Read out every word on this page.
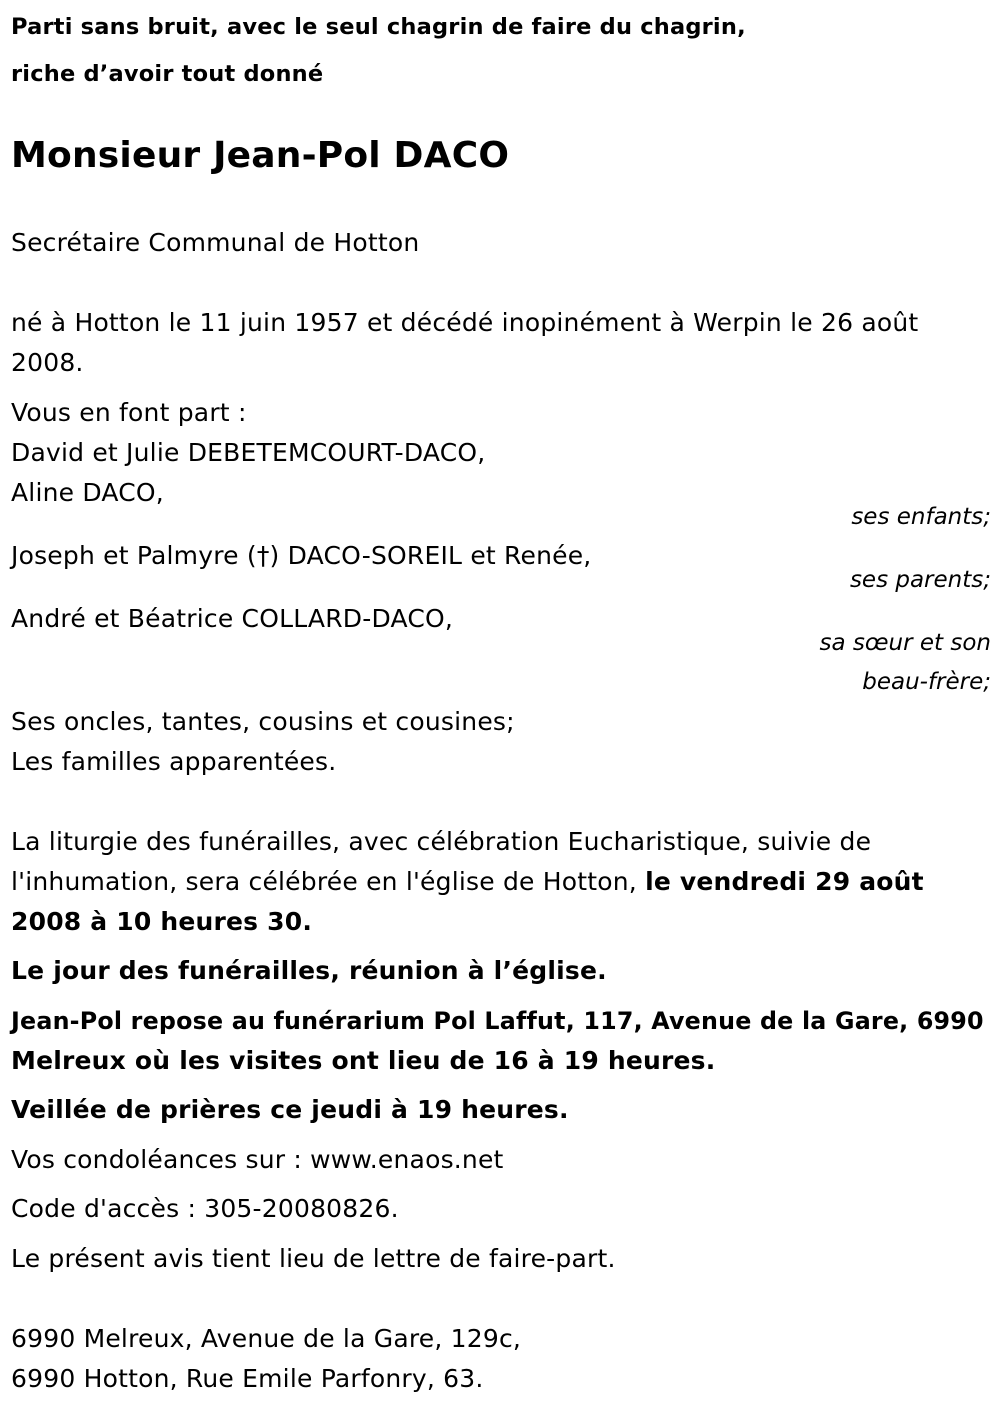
Parti sans bruit, avec le seul chagrin de faire du chagrin,
riche d’avoir tout donné
Monsieur Jean-Pol DACO
Secrétaire Communal de Hotton
né à Hotton le 11 juin 1957 et décédé inopinément à Werpin le 26 août
2008.
Vous en font part :
David et Julie DEBETEMCOURT-DACO,
Aline DACO,
ses enfants;
Joseph et Palmyre (†) DACO-SOREIL et Renée,
ses parents;
André et Béatrice COLLARD-DACO,
sa sœur et son
beau-frère;
Ses oncles, tantes, cousins et cousines;
Les familles apparentées.
La liturgie des funérailles, avec célébration Eucharistique, suivie de
l'inhumation, sera célébrée en l'église de Hotton, le vendredi 29 août
2008 à 10 heures 30.
Le jour des funérailles, réunion à l’église.
Jean-Pol repose au funérarium Pol Laffut, 117, Avenue de la Gare, 6990
Melreux où les visites ont lieu de 16 à 19 heures.
Veillée de prières ce jeudi à 19 heures.
Vos condoléances sur : www.enaos.net
Code d'accès : 305-20080826.
Le présent avis tient lieu de lettre de faire-part.
6990 Melreux, Avenue de la Gare, 129c,
6990 Hotton, Rue Emile Parfonry, 63.
